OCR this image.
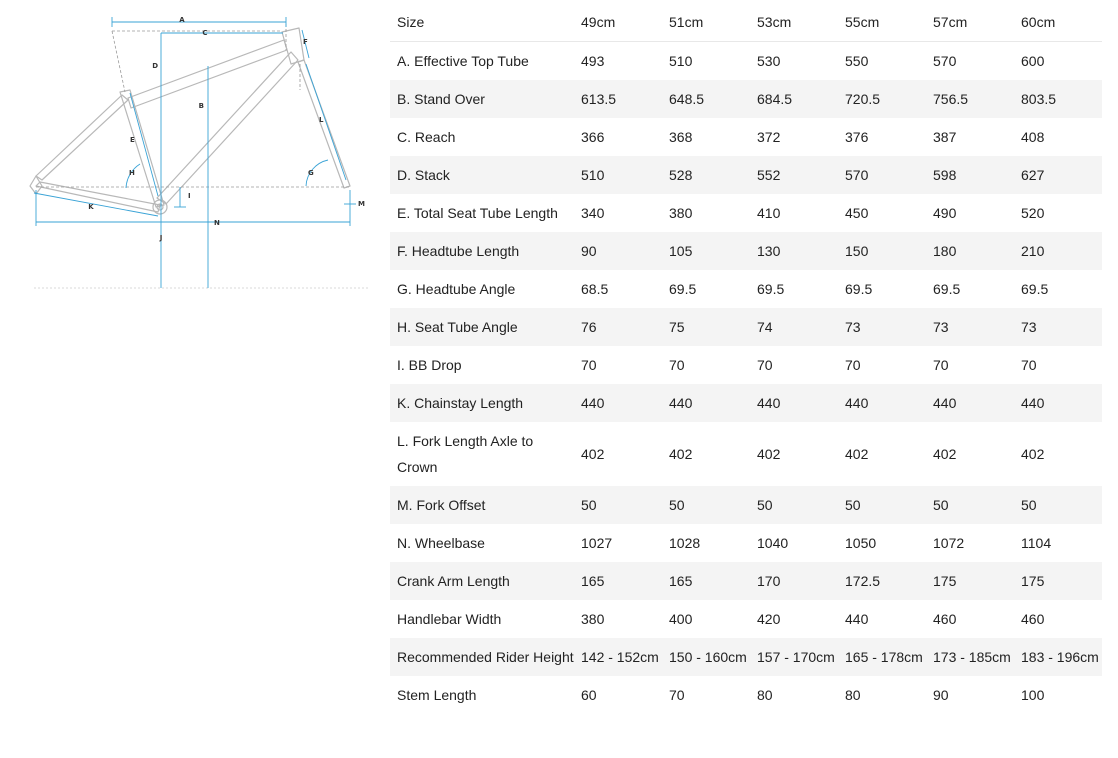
A
B
C
D
E
F
G
H
I
J
K
L
M
N
Size	49cm	51cm	53cm	55cm	57cm	60cm
A. Effective Top Tube	493	510	530	550	570	600
B. Stand Over	613.5	648.5	684.5	720.5	756.5	803.5
C. Reach	366	368	372	376	387	408
D. Stack	510	528	552	570	598	627
E. Total Seat Tube Length	340	380	410	450	490	520
F. Headtube Length	90	105	130	150	180	210
G. Headtube Angle	68.5	69.5	69.5	69.5	69.5	69.5
H. Seat Tube Angle	76	75	74	73	73	73
I. BB Drop	70	70	70	70	70	70
K. Chainstay Length	440	440	440	440	440	440
L. Fork Length Axle to Crown	402	402	402	402	402	402
M. Fork Offset	50	50	50	50	50	50
N. Wheelbase	1027	1028	1040	1050	1072	1104
Crank Arm Length	165	165	170	172.5	175	175
Handlebar Width	380	400	420	440	460	460
Recommended Rider Height	142 - 152cm	150 - 160cm	157 - 170cm	165 - 178cm	173 - 185cm	183 - 196cm
Stem Length	60	70	80	80	90	100
